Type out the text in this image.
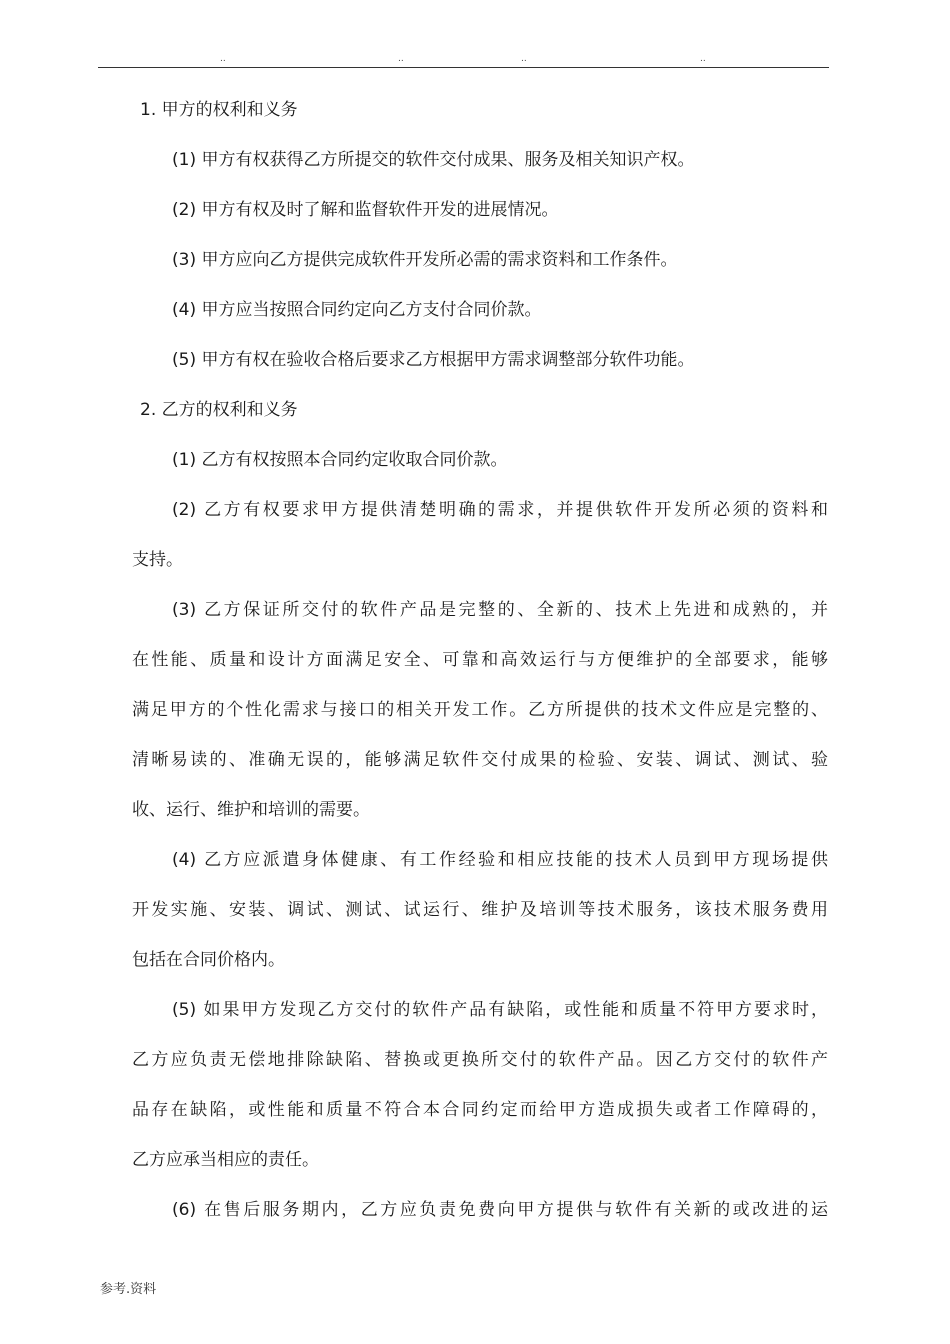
..	..	..	..
1. 甲方的权利和义务
(1) 甲方有权获得乙方所提交的软件交付成果、服务及相关知识产权。
(2) 甲方有权及时了解和监督软件开发的进展情况。
(3) 甲方应向乙方提供完成软件开发所必需的需求资料和工作条件。
(4) 甲方应当按照合同约定向乙方支付合同价款。
(5) 甲方有权在验收合格后要求乙方根据甲方需求调整部分软件功能。
2. 乙方的权利和义务
(1) 乙方有权按照本合同约定收取合同价款。
(2) 乙方有权要求甲方提供清楚明确的需求，并提供软件开发所必须的资料和
支持。
(3) 乙方保证所交付的软件产品是完整的、全新的、技术上先进和成熟的，并
在性能、质量和设计方面满足安全、可靠和高效运行与方便维护的全部要求，能够
满足甲方的个性化需求与接口的相关开发工作。乙方所提供的技术文件应是完整的、
清晰易读的、准确无误的，能够满足软件交付成果的检验、安装、调试、测试、验
收、运行、维护和培训的需要。
(4) 乙方应派遣身体健康、有工作经验和相应技能的技术人员到甲方现场提供
开发实施、安装、调试、测试、试运行、维护及培训等技术服务，该技术服务费用
包括在合同价格内。
(5) 如果甲方发现乙方交付的软件产品有缺陷，或性能和质量不符甲方要求时，
乙方应负责无偿地排除缺陷、替换或更换所交付的软件产品。因乙方交付的软件产
品存在缺陷，或性能和质量不符合本合同约定而给甲方造成损失或者工作障碍的，
乙方应承当相应的责任。
(6) 在售后服务期内，乙方应负责免费向甲方提供与软件有关新的或改进的运
参考.资料
